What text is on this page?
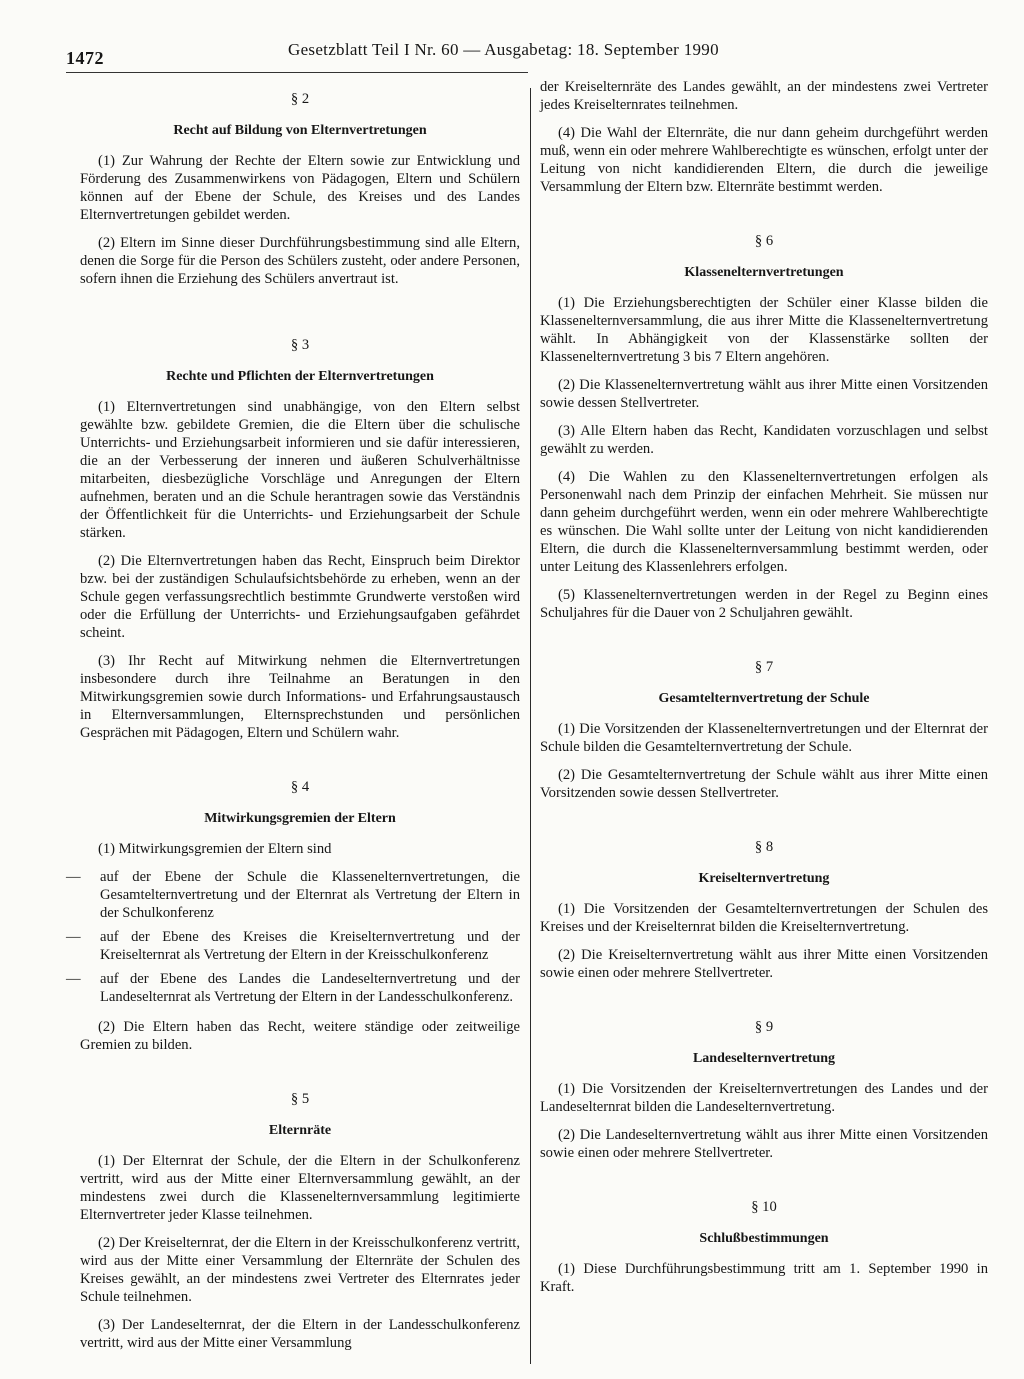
1472	Gesetzblatt Teil I Nr. 60 — Ausgabetag: 18. September 1990
§ 2
Recht auf Bildung von Elternvertretungen

(1) Zur Wahrung der Rechte der Eltern sowie zur Entwicklung und Förderung des Zusammenwirkens von Pädagogen, Eltern und Schülern können auf der Ebene der Schule, des Kreises und des Landes Elternvertretungen gebildet werden.

(2) Eltern im Sinne dieser Durchführungsbestimmung sind alle Eltern, denen die Sorge für die Person des Schülers zusteht, oder andere Personen, sofern ihnen die Erziehung des Schülers anvertraut ist.

§ 3
Rechte und Pflichten der Elternvertretungen

(1) Elternvertretungen sind unabhängige, von den Eltern selbst gewählte bzw. gebildete Gremien, die die Eltern über die schulische Unterrichts- und Erziehungsarbeit informieren und sie dafür interessieren, die an der Verbesserung der inneren und äußeren Schulverhältnisse mitarbeiten, diesbezügliche Vorschläge und Anregungen der Eltern aufnehmen, beraten und an die Schule herantragen sowie das Verständnis der Öffentlichkeit für die Unterrichts- und Erziehungsarbeit der Schule stärken.

(2) Die Elternvertretungen haben das Recht, Einspruch beim Direktor bzw. bei der zuständigen Schulaufsichtsbehörde zu erheben, wenn an der Schule gegen verfassungsrechtlich bestimmte Grundwerte verstoßen wird oder die Erfüllung der Unterrichts- und Erziehungsaufgaben gefährdet scheint.

(3) Ihr Recht auf Mitwirkung nehmen die Elternvertretungen insbesondere durch ihre Teilnahme an Beratungen in den Mitwirkungsgremien sowie durch Informations- und Erfahrungsaustausch in Elternversammlungen, Elternsprechstunden und persönlichen Gesprächen mit Pädagogen, Eltern und Schülern wahr.

§ 4
Mitwirkungsgremien der Eltern

(1) Mitwirkungsgremien der Eltern sind

— auf der Ebene der Schule die Klassenelternvertretungen, die Gesamtelternvertretung und der Elternrat als Vertretung der Eltern in der Schulkonferenz
— auf der Ebene des Kreises die Kreiselternvertretung und der Kreiselternrat als Vertretung der Eltern in der Kreisschulkonferenz
— auf der Ebene des Landes die Landeselternvertretung und der Landeselternrat als Vertretung der Eltern in der Landesschulkonferenz.

(2) Die Eltern haben das Recht, weitere ständige oder zeitweilige Gremien zu bilden.

§ 5
Elternräte

(1) Der Elternrat der Schule, der die Eltern in der Schulkonferenz vertritt, wird aus der Mitte einer Elternversammlung gewählt, an der mindestens zwei durch die Klassenelternversammlung legitimierte Elternvertreter jeder Klasse teilnehmen.

(2) Der Kreiselternrat, der die Eltern in der Kreisschulkonferenz vertritt, wird aus der Mitte einer Versammlung der Elternräte der Schulen des Kreises gewählt, an der mindestens zwei Vertreter des Elternrates jeder Schule teilnehmen.

(3) Der Landeselternrat, der die Eltern in der Landesschulkonferenz vertritt, wird aus der Mitte einer Versammlung

der Kreiselternräte des Landes gewählt, an der mindestens zwei Vertreter jedes Kreiselternrates teilnehmen.

(4) Die Wahl der Elternräte, die nur dann geheim durchgeführt werden muß, wenn ein oder mehrere Wahlberechtigte es wünschen, erfolgt unter der Leitung von nicht kandidierenden Eltern, die durch die jeweilige Versammlung der Eltern bzw. Elternräte bestimmt werden.

§ 6
Klassenelternvertretungen

(1) Die Erziehungsberechtigten der Schüler einer Klasse bilden die Klassenelternversammlung, die aus ihrer Mitte die Klassenelternvertretung wählt. In Abhängigkeit von der Klassenstärke sollten der Klassenelternvertretung 3 bis 7 Eltern angehören.

(2) Die Klassenelternvertretung wählt aus ihrer Mitte einen Vorsitzenden sowie dessen Stellvertreter.

(3) Alle Eltern haben das Recht, Kandidaten vorzuschlagen und selbst gewählt zu werden.

(4) Die Wahlen zu den Klassenelternvertretungen erfolgen als Personenwahl nach dem Prinzip der einfachen Mehrheit. Sie müssen nur dann geheim durchgeführt werden, wenn ein oder mehrere Wahlberechtigte es wünschen. Die Wahl sollte unter der Leitung von nicht kandidierenden Eltern, die durch die Klassenelternversammlung bestimmt werden, oder unter Leitung des Klassenlehrers erfolgen.

(5) Klassenelternvertretungen werden in der Regel zu Beginn eines Schuljahres für die Dauer von 2 Schuljahren gewählt.

§ 7
Gesamtelternvertretung der Schule

(1) Die Vorsitzenden der Klassenelternvertretungen und der Elternrat der Schule bilden die Gesamtelternvertretung der Schule.

(2) Die Gesamtelternvertretung der Schule wählt aus ihrer Mitte einen Vorsitzenden sowie dessen Stellvertreter.

§ 8
Kreiselternvertretung

(1) Die Vorsitzenden der Gesamtelternvertretungen der Schulen des Kreises und der Kreiselternrat bilden die Kreiselternvertretung.

(2) Die Kreiselternvertretung wählt aus ihrer Mitte einen Vorsitzenden sowie einen oder mehrere Stellvertreter.

§ 9
Landeselternvertretung

(1) Die Vorsitzenden der Kreiselternvertretungen des Landes und der Landeselternrat bilden die Landeselternvertretung.

(2) Die Landeselternvertretung wählt aus ihrer Mitte einen Vorsitzenden sowie einen oder mehrere Stellvertreter.

§ 10
Schlußbestimmungen

(1) Diese Durchführungsbestimmung tritt am 1. September 1990 in Kraft.
